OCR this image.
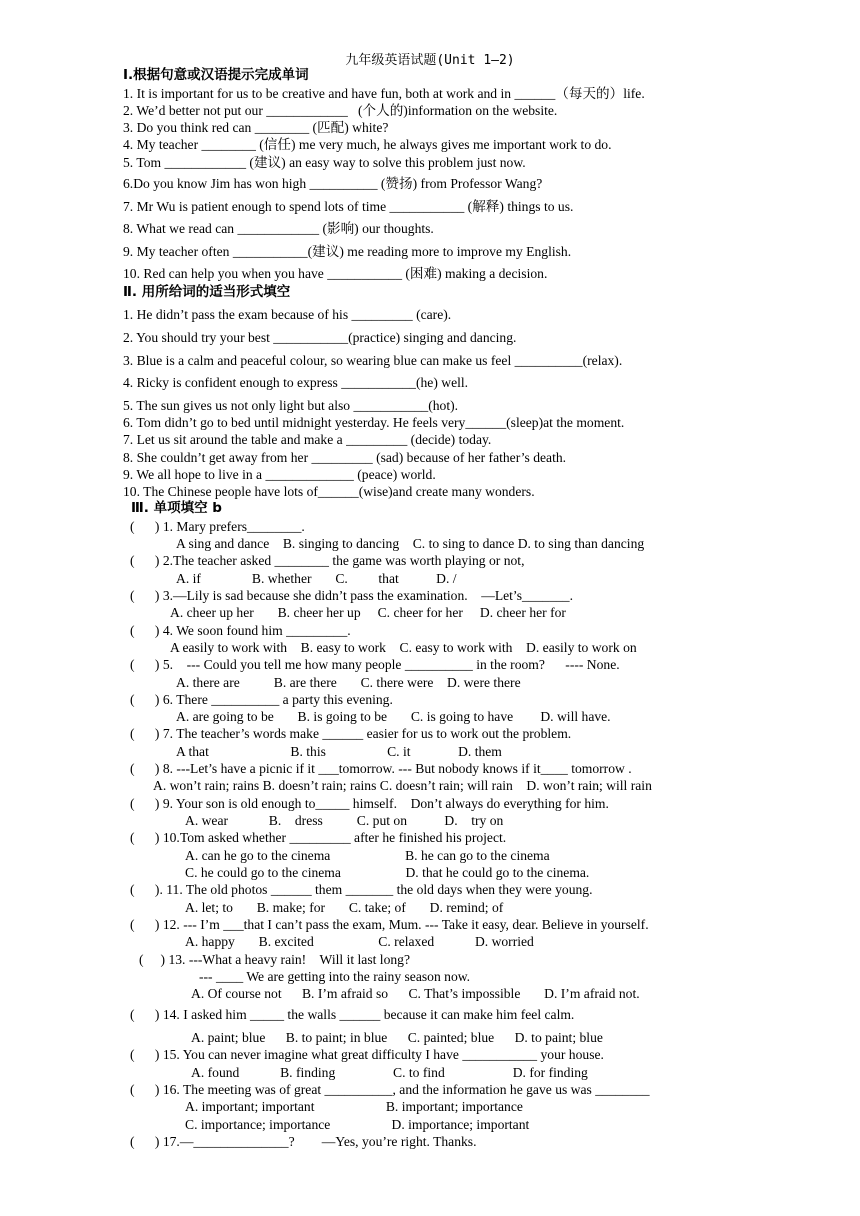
九年级英语试题(Unit 1—2)
Ⅰ.根据句意或汉语提示完成单词
1. It is important for us to be creative and have fun, both at work and in ______（每天的）life.
2. We’d better not put our ____________   (个人的)information on the website.
3. Do you think red can ________ (匹配) white?
4. My teacher ________ (信任) me very much, he always gives me important work to do.
5. Tom ____________ (建议) an easy way to solve this problem just now.
6.Do you know Jim has won high __________ (赞扬) from Professor Wang?
7. Mr Wu is patient enough to spend lots of time ___________ (解释) things to us.
8. What we read can ____________ (影响) our thoughts.
9. My teacher often ___________(建议) me reading more to improve my English.
10. Red can help you when you have ___________ (困难) making a decision.
Ⅱ. 用所给词的适当形式填空
1. He didn’t pass the exam because of his _________ (care).
2. You should try your best ___________(practice) singing and dancing.
3. Blue is a calm and peaceful colour, so wearing blue can make us feel __________(relax).
4. Ricky is confident enough to express ___________(he) well.
5. The sun gives us not only light but also ___________(hot).
6. Tom didn’t go to bed until midnight yesterday. He feels very______(sleep)at the moment.
7. Let us sit around the table and make a _________ (decide) today.
8. She couldn’t get away from her _________ (sad) because of her father’s death.
9. We all hope to live in a _____________ (peace) world.
10. The Chinese people have lots of______(wise)and create many wonders.
Ⅲ. 单项填空 b
(      ) 1. Mary prefers________.
A sing and dance    B. singing to dancing    C. to sing to dance D. to sing than dancing
(      ) 2.The teacher asked ________ the game was worth playing or not,
A. if               B. whether       C.         that           D. /
(      ) 3.—Lily is sad because she didn’t pass the examination.    —Let’s_______.
A. cheer up her       B. cheer her up     C. cheer for her     D. cheer her for
(      ) 4. We soon found him _________.
A easily to work with    B. easy to work    C. easy to work with    D. easily to work on
(      ) 5.    --- Could you tell me how many people __________ in the room?      ---- None.
A. there are          B. are there       C. there were    D. were there
(      ) 6. There __________ a party this evening.
A. are going to be       B. is going to be       C. is going to have        D. will have.
(      ) 7. The teacher’s words make ______ easier for us to work out the problem.
A that                        B. this                  C. it              D. them
(      ) 8. ---Let’s have a picnic if it ___tomorrow. --- But nobody knows if it____ tomorrow .
A. won’t rain; rains B. doesn’t rain; rains C. doesn’t rain; will rain    D. won’t rain; will rain
(      ) 9. Your son is old enough to_____ himself.    Don’t always do everything for him.
A. wear            B.    dress          C. put on           D.    try on
(      ) 10.Tom asked whether _________ after he finished his project.
A. can he go to the cinema                      B. he can go to the cinema
C. he could go to the cinema                   D. that he could go to the cinema.
(      ). 11. The old photos ______ them _______ the old days when they were young.
A. let; to       B. make; for       C. take; of       D. remind; of
(      ) 12. --- I’m ___that I can’t pass the exam, Mum. --- Take it easy, dear. Believe in yourself.
A. happy       B. excited                   C. relaxed            D. worried
(     ) 13. ---What a heavy rain!    Will it last long?
--- ____ We are getting into the rainy season now.
A. Of course not      B. I’m afraid so      C. That’s impossible       D. I’m afraid not.
(      ) 14. I asked him _____ the walls ______ because it can make him feel calm.
A. paint; blue      B. to paint; in blue      C. painted; blue      D. to paint; blue
(      ) 15. You can never imagine what great difficulty I have ___________ your house.
A. found            B. finding                 C. to find                    D. for finding
(      ) 16. The meeting was of great __________, and the information he gave us was ________
A. important; important                     B. important; importance
C. importance; importance                  D. importance; important
(      ) 17.—______________?        —Yes, you’re right. Thanks.
